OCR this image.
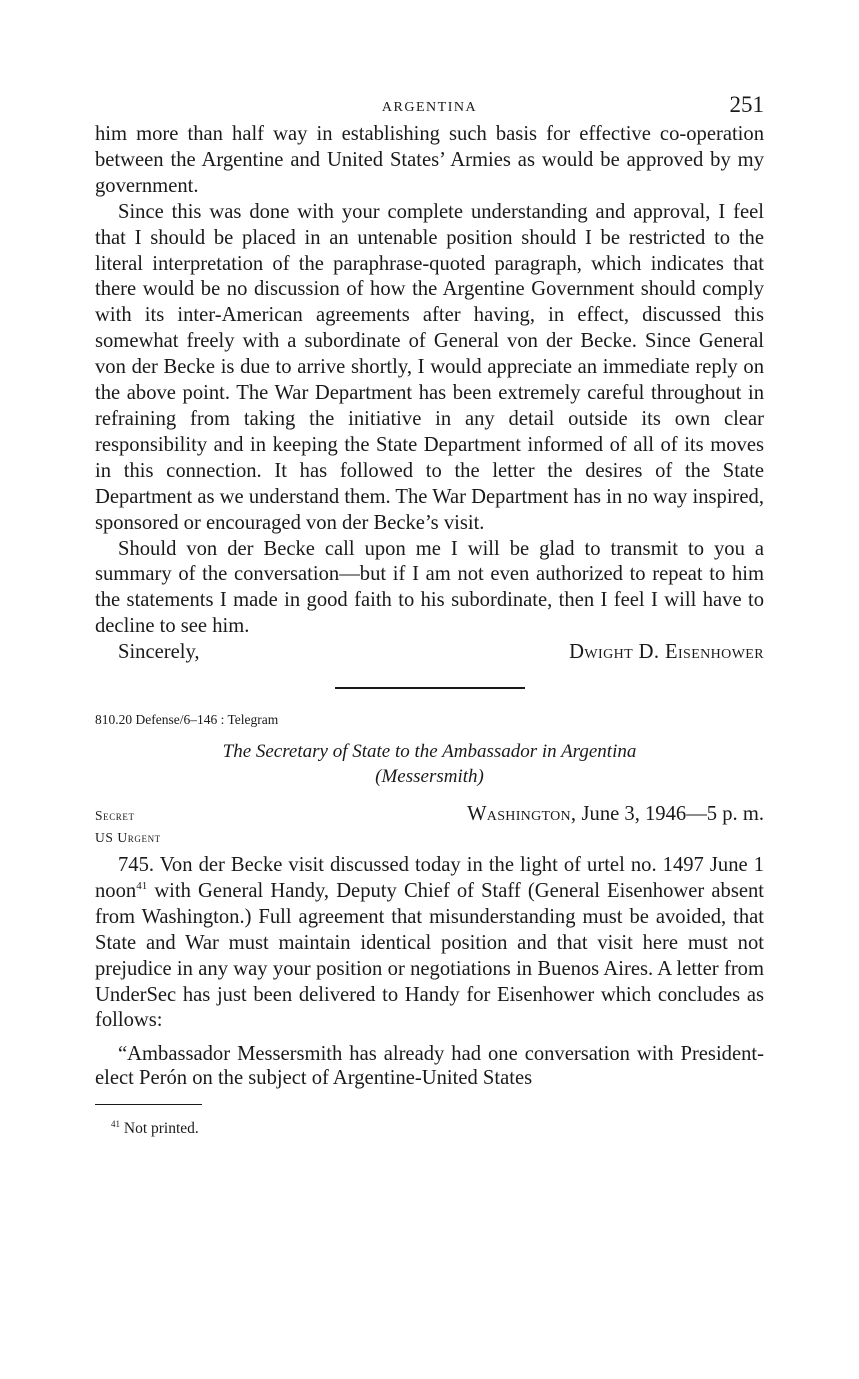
ARGENTINA	251

him more than half way in establishing such basis for effective co-operation between the Argentine and United States’ Armies as would be approved by my government.

Since this was done with your complete understanding and approval, I feel that I should be placed in an untenable position should I be restricted to the literal interpretation of the paraphrase-quoted paragraph, which indicates that there would be no discussion of how the Argentine Government should comply with its inter-American agreements after having, in effect, discussed this somewhat freely with a subordinate of General von der Becke. Since General von der Becke is due to arrive shortly, I would appreciate an immediate reply on the above point. The War Department has been extremely careful throughout in refraining from taking the initiative in any detail outside its own clear responsibility and in keeping the State Department informed of all of its moves in this connection. It has followed to the letter the desires of the State Department as we understand them. The War Department has in no way inspired, sponsored or encouraged von der Becke’s visit.

Should von der Becke call upon me I will be glad to transmit to you a summary of the conversation—but if I am not even authorized to repeat to him the statements I made in good faith to his subordinate, then I feel I will have to decline to see him.

Sincerely,	Dwight D. Eisenhower
810.20 Defense/6–146 : Telegram
The Secretary of State to the Ambassador in Argentina
(Messersmith)
Secret	Washington, June 3, 1946—5 p. m.
US Urgent

745. Von der Becke visit discussed today in the light of urtel no. 1497 June 1 noon$^{41}$ with General Handy, Deputy Chief of Staff (General Eisenhower absent from Washington.) Full agreement that misunderstanding must be avoided, that State and War must maintain identical position and that visit here must not prejudice in any way your position or negotiations in Buenos Aires. A letter from UnderSec has just been delivered to Handy for Eisenhower which concludes as follows:

“Ambassador Messersmith has already had one conversation with President-elect Perón on the subject of Argentine-United States

$^{41}$ Not printed.
